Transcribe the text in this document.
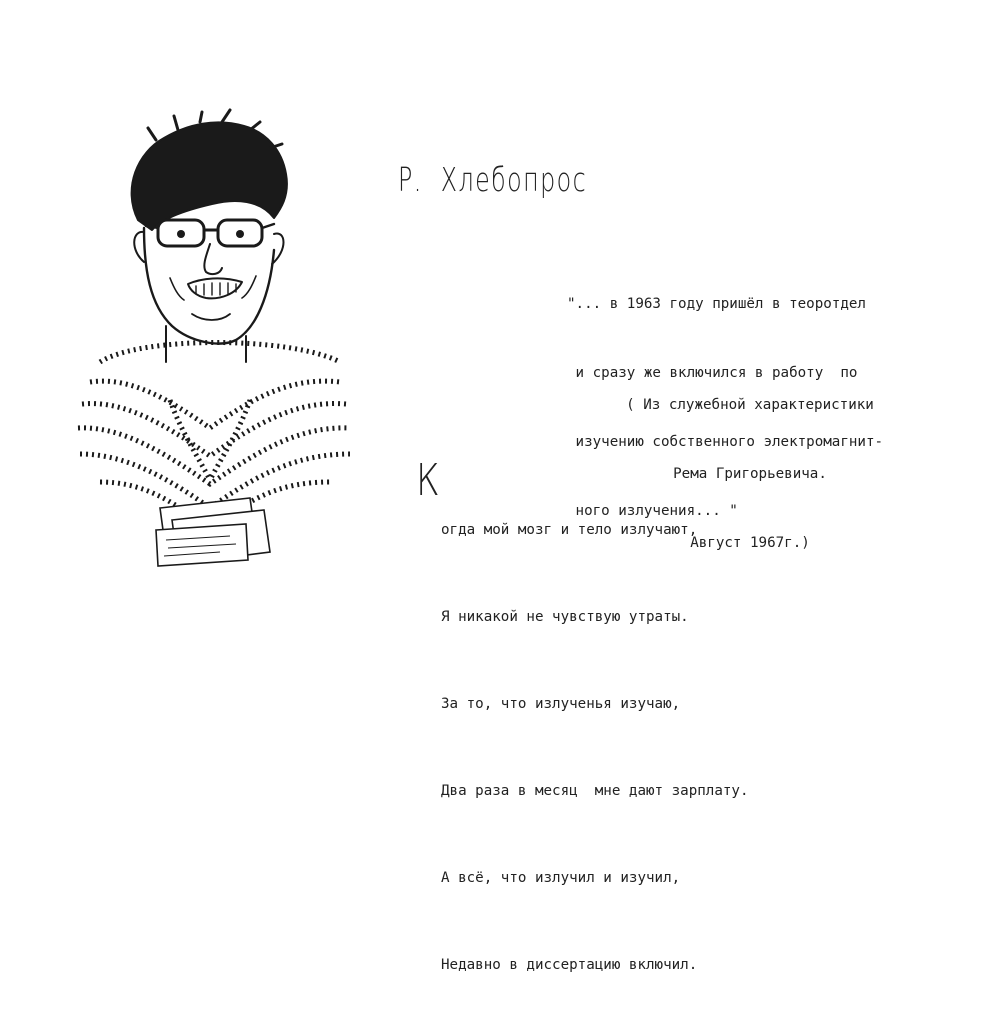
Р.  Хлебопрос

"... в 1963 году пришёл в теоротдел

и сразу же включился в работу  по

изучению собственного электромагнит-

ного излучения... "

( Из служебной характеристики

Рема Григорьевича.

Август 1967г.)

К

огда мой мозг и тело излучают,

Я никакой не чувствую утраты.

За то, что излученья изучаю,

Два раза в месяц  мне дают зарплату.

А всё, что излучил и изучил,

Недавно в диссертацию включил.
